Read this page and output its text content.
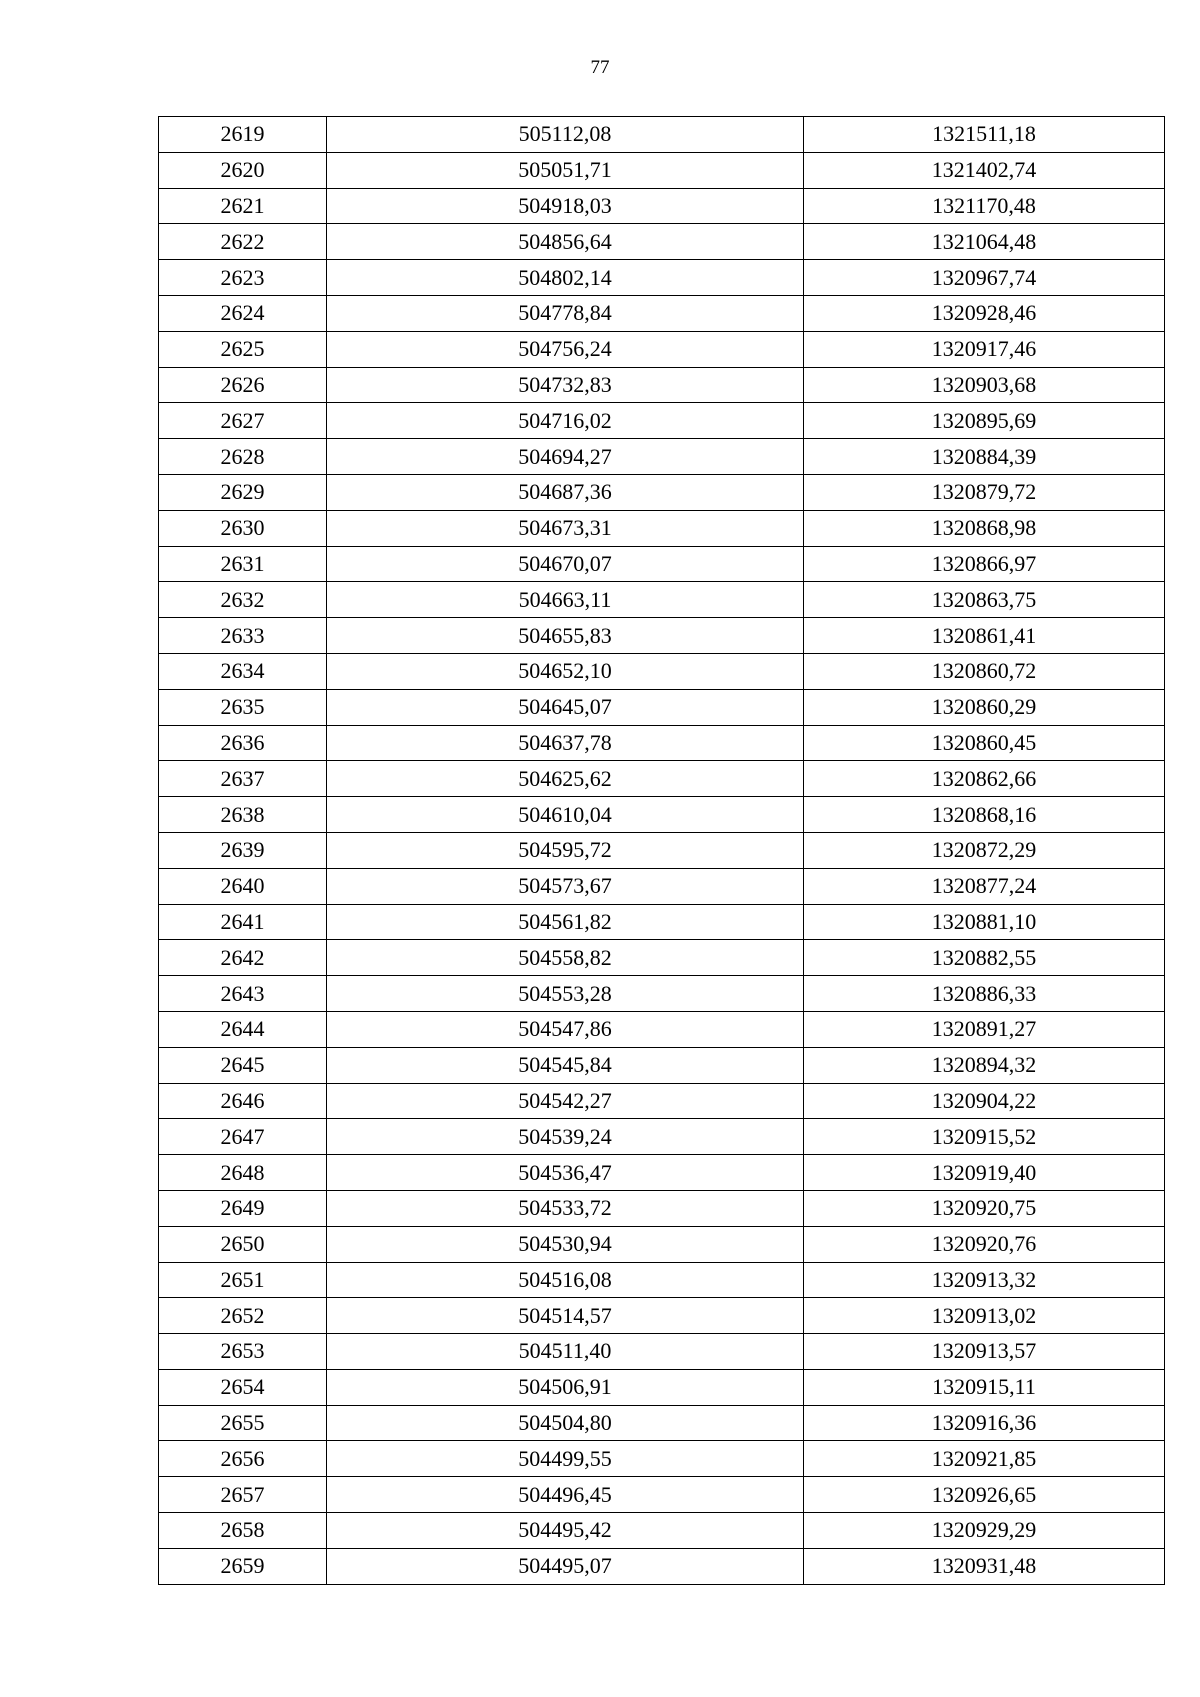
77
2619	505112,08	1321511,18
2620	505051,71	1321402,74
2621	504918,03	1321170,48
2622	504856,64	1321064,48
2623	504802,14	1320967,74
2624	504778,84	1320928,46
2625	504756,24	1320917,46
2626	504732,83	1320903,68
2627	504716,02	1320895,69
2628	504694,27	1320884,39
2629	504687,36	1320879,72
2630	504673,31	1320868,98
2631	504670,07	1320866,97
2632	504663,11	1320863,75
2633	504655,83	1320861,41
2634	504652,10	1320860,72
2635	504645,07	1320860,29
2636	504637,78	1320860,45
2637	504625,62	1320862,66
2638	504610,04	1320868,16
2639	504595,72	1320872,29
2640	504573,67	1320877,24
2641	504561,82	1320881,10
2642	504558,82	1320882,55
2643	504553,28	1320886,33
2644	504547,86	1320891,27
2645	504545,84	1320894,32
2646	504542,27	1320904,22
2647	504539,24	1320915,52
2648	504536,47	1320919,40
2649	504533,72	1320920,75
2650	504530,94	1320920,76
2651	504516,08	1320913,32
2652	504514,57	1320913,02
2653	504511,40	1320913,57
2654	504506,91	1320915,11
2655	504504,80	1320916,36
2656	504499,55	1320921,85
2657	504496,45	1320926,65
2658	504495,42	1320929,29
2659	504495,07	1320931,48
